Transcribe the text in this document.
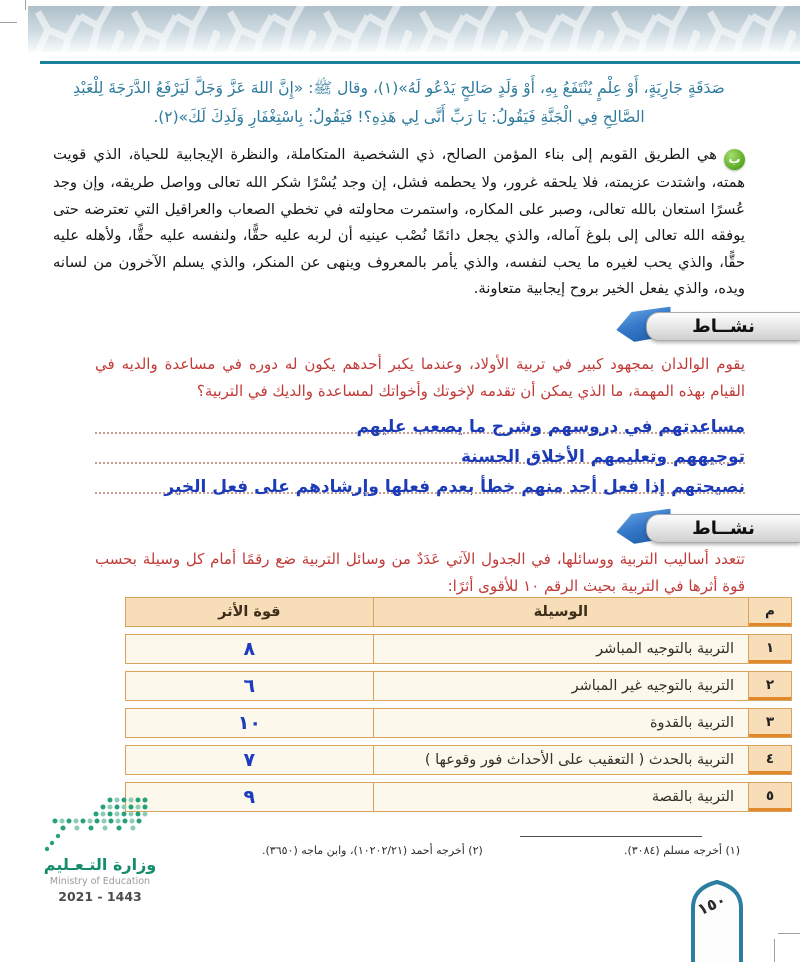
صَدَقَةٍ جَارِيَةٍ، أَوْ عِلْمٍ يُنْتَفَعُ بِهِ، أَوْ وَلَدٍ صَالِحٍ يَدْعُو لَهُ»(١)، وقال ﷺ: «إِنَّ اللهَ عَزَّ وَجَلَّ لَيَرْفَعُ الدَّرَجَةَ لِلْعَبْدِ الصَّالِحِ فِي الْجَنَّةِ فَيَقُولُ: يَا رَبِّ أَنَّى لِي هَذِهِ؟! فَيَقُولُ: بِاسْتِغْفَارِ وَلَدِكَ لَكَ»(٢).
بهي الطريق القويم إلى بناء المؤمن الصالح، ذي الشخصية المتكاملة، والنظرة الإيجابية للحياة، الذي قويت همته، واشتدت عزيمته، فلا يلحقه غرور، ولا يحطمه فشل، إن وجد يُسْرًا شكر الله تعالى وواصل طريقه، وإن وجد عُسرًا استعان بالله تعالى، وصبر على المكاره، واستمرت محاولته في تخطي الصعاب والعراقيل التي تعترضه حتى يوفقه الله تعالى إلى بلوغ آماله، والذي يجعل دائمًا نُصْب عينيه أن لربه عليه حقًّا، ولنفسه عليه حقًّا، ولأهله عليه حقًّا، والذي يحب لغيره ما يحب لنفسه، والذي يأمر بالمعروف وينهى عن المنكر، والذي يسلم الآخرون من لسانه ويده، والذي يفعل الخير بروح إيجابية متعاونة.
نشــاط
يقوم الوالدان بمجهود كبير في تربية الأولاد، وعندما يكبر أحدهم يكون له دوره في مساعدة والديه في القيام بهذه المهمة، ما الذي يمكن أن تقدمه لإخوتك وأخواتك لمساعدة والديك في التربية؟
مساعدتهم في دروسهم وشرح ما يصعب عليهم
توجيههم وتعليمهم الأخلاق الحسنة
نصيحتهم إذا فعل أحد منهم خطأ بعدم فعلها وإرشادهم على فعل الخير
نشــاط
تتعدد أساليب التربية ووسائلها، في الجدول الآتي عَدَدٌ من وسائل التربية ضع رقمًا أمام كل وسيلة بحسب قوة أثرها في التربية بحيث الرقم ١٠ للأقوى أثرًا:
م
الوسيلة
قوة الأثر
١
التربية بالتوجيه المباشر
٨
٢
التربية بالتوجيه غير المباشر
٦
٣
التربية بالقدوة
١٠
٤
التربية بالحدث ( التعقيب على الأحداث فور وقوعها )
٧
٥
التربية بالقصة
٩
(١) أخرجه مسلم (٣٠٨٤).
(٢) أخرجه أحمد (١٠٢٠٢/٢١)، وابن ماجه (٣٦٥٠).
وزارة التـعـليم
Ministry of Education
2021 - 1443	١٥٠
